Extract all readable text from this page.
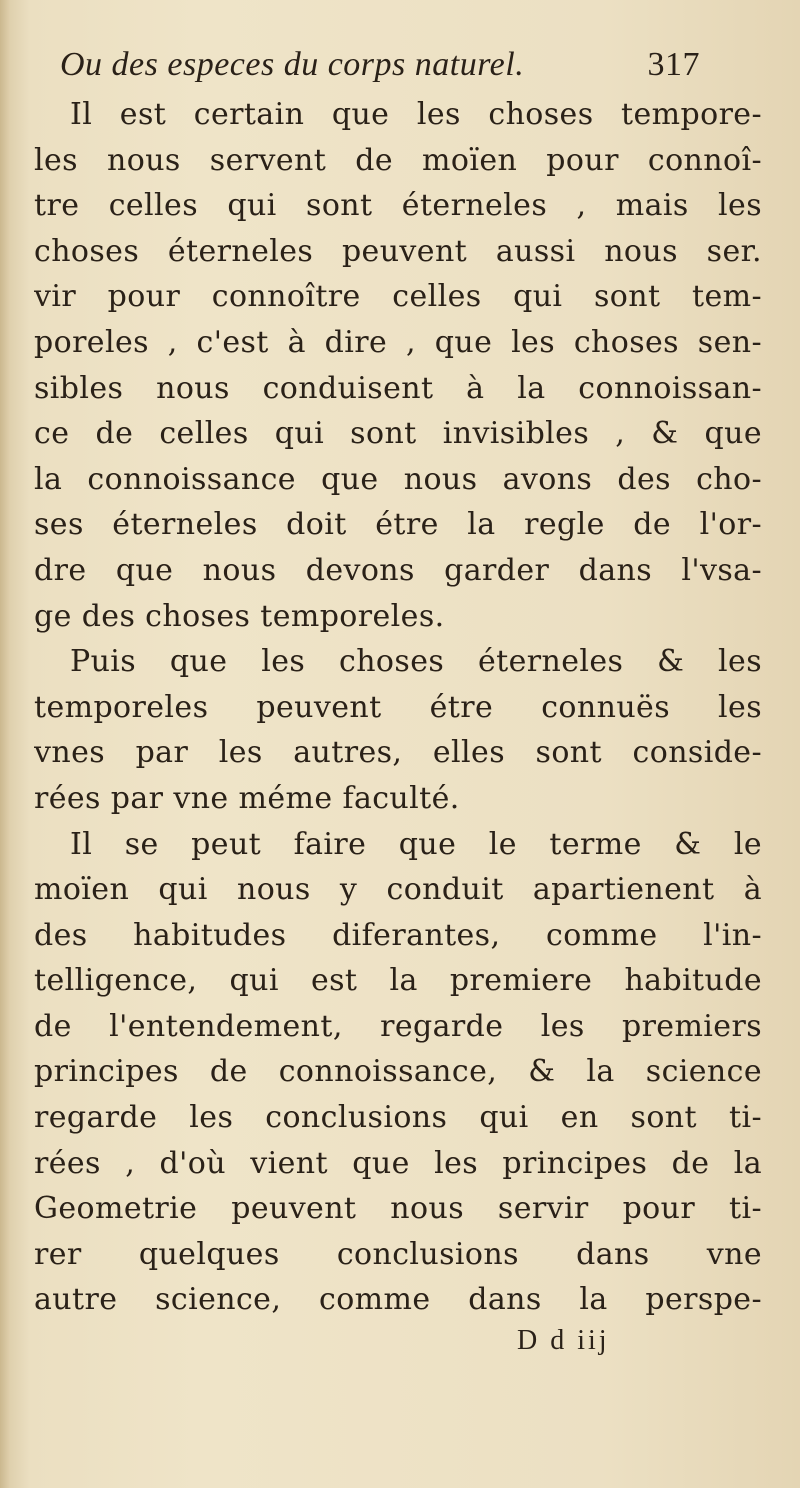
Ou des especes du corps naturel.	317
Il est certain que les choses tempore-
les nous servent de moïen pour connoî-
tre celles qui sont éterneles , mais les
choses éterneles peuvent aussi nous ser.
vir pour connoître celles qui sont tem-
poreles , c'est à dire , que les choses sen-
sibles nous conduisent à la connoissan-
ce de celles qui sont invisibles , & que
la connoissance que nous avons des cho-
ses éterneles doit étre la regle de l'or-
dre que nous devons garder dans l'vsa-
ge des choses temporeles.
Puis que les choses éterneles & les
temporeles peuvent étre connuës les
vnes par les autres, elles sont conside-
rées par vne méme faculté.
Il se peut faire que le terme & le
moïen qui nous y conduit apartienent à
des habitudes diferantes, comme l'in-
telligence, qui est la premiere habitude
de l'entendement, regarde les premiers
principes de connoissance, & la science
regarde les conclusions qui en sont ti-
rées , d'où vient que les principes de la
Geometrie peuvent nous servir pour ti-
rer quelques conclusions dans vne
autre science, comme dans la perspe-
D d iij
